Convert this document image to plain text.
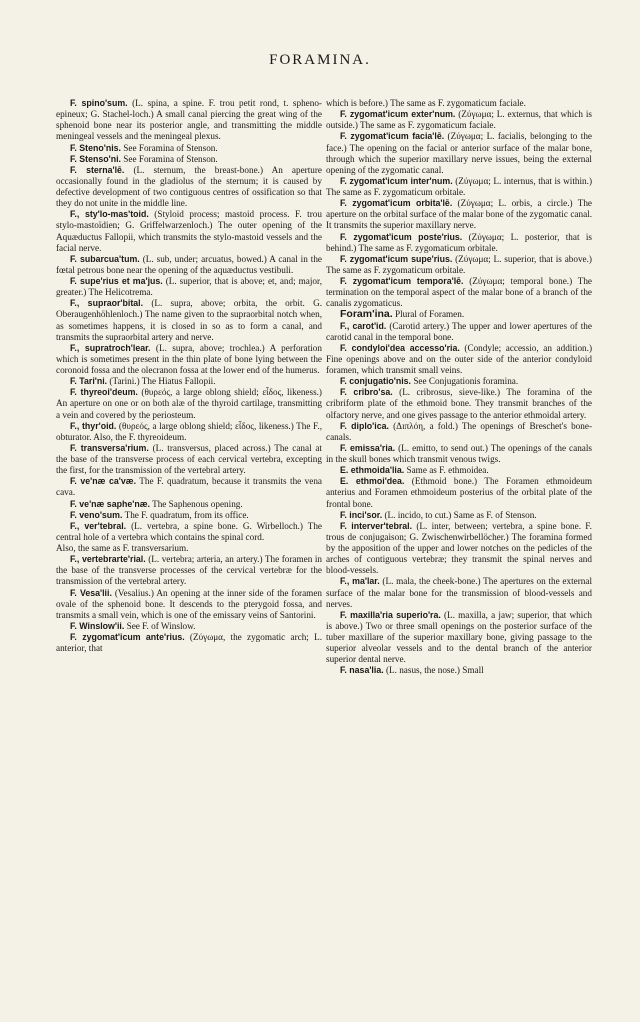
FORAMINA.

F. spino'sum. (L. spina, a spine. F. trou petit rond, t. spheno-epineux; G. Stachel-loch.) A small canal piercing the great wing of the sphenoid bone near its posterior angle, and transmitting the middle meningeal vessels and the meningeal plexus.

F. Steno'nis. See Foramina of Stenson.

F. Stenso'ni. See Foramina of Stenson.

F. sterna'lē. (L. sternum, the breast-bone.) An aperture occasionally found in the gladiolus of the sternum; it is caused by defective development of two contiguous centres of ossification so that they do not unite in the middle line.

F., sty'lo-mas'toid. (Styloid process; mastoid process. F. trou stylo-mastoïdien; G. Griffelwarzenloch.) The outer opening of the Aquæductus Fallopii, which transmits the stylo-mastoid vessels and the facial nerve.

F. subarcua'tum. (L. sub, under; arcuatus, bowed.) A canal in the fœtal petrous bone near the opening of the aquæductus vestibuli.

F. supe'rius et ma'jus. (L. superior, that is above; et, and; major, greater.) The Helicotrema.

F., supraor'bital. (L. supra, above; orbita, the orbit. G. Oberaugenhöhlenloch.) The name given to the supraorbital notch when, as sometimes happens, it is closed in so as to form a canal, and transmits the supraorbital artery and nerve.

F., supratroch'lear. (L. supra, above; trochlea.) A perforation which is sometimes present in the thin plate of bone lying between the coronoid fossa and the olecranon fossa at the lower end of the humerus.

F. Tari'ni. (Tarini.) The Hiatus Fallopii.

F. thyreoi'deum. (θυρεός, a large oblong shield; εἶδος, likeness.) An aperture on one or on both alæ of the thyroid cartilage, transmitting a vein and covered by the periosteum.

F., thyr'oid. (θυρεός, a large oblong shield; εἶδος, likeness.) The F., obturator. Also, the F. thyreoideum.

F. transversa'rium. (L. transversus, placed across.) The canal at the base of the transverse process of each cervical vertebra, excepting the first, for the transmission of the vertebral artery.

F. ve'næ ca'væ. The F. quadratum, because it transmits the vena cava.

F. ve'næ saphe'næ. The Saphenous opening.

F. veno'sum. The F. quadratum, from its office.

F., ver'tebral. (L. vertebra, a spine bone. G. Wirbelloch.) The central hole of a vertebra which contains the spinal cord.

Also, the same as F. transversarium.

F., vertebrarte'rial. (L. vertebra; arteria, an artery.) The foramen in the base of the transverse processes of the cervical vertebræ for the transmission of the vertebral artery.

F. Vesa'lii. (Vesalius.) An opening at the inner side of the foramen ovale of the sphenoid bone. It descends to the pterygoid fossa, and transmits a small vein, which is one of the emissary veins of Santorini.

F. Winslow'ii. See F. of Winslow.

F. zygomat'icum ante'rius. (Ζύγωμα, the zygomatic arch; L. anterior, that

which is before.) The same as F. zygomaticum faciale.

F. zygomat'icum exter'num. (Ζύγωμα; L. externus, that which is outside.) The same as F. zygomaticum faciale.

F. zygomat'icum facia'lē. (Ζύγωμα; L. facialis, belonging to the face.) The opening on the facial or anterior surface of the malar bone, through which the superior maxillary nerve issues, being the external opening of the zygomatic canal.

F. zygomat'icum inter'num. (Ζύγωμα; L. internus, that is within.) The same as F. zygomaticum orbitale.

F. zygomat'icum orbita'lē. (Ζύγωμα; L. orbis, a circle.) The aperture on the orbital surface of the malar bone of the zygomatic canal. It transmits the superior maxillary nerve.

F. zygomat'icum poste'rius. (Ζύγωμα; L. posterior, that is behind.) The same as F. zygomaticum orbitale.

F. zygomat'icum supe'rius. (Ζύγωμα; L. superior, that is above.) The same as F. zygomaticum orbitale.

F. zygomat'icum tempora'lē. (Ζύγωμα; temporal bone.) The termination on the temporal aspect of the malar bone of a branch of the canalis zygomaticus.

Foram'ina. Plural of Foramen.

F., carot'id. (Carotid artery.) The upper and lower apertures of the carotid canal in the temporal bone.

F. condyloi'dea accesso'ria. (Condyle; accessio, an addition.) Fine openings above and on the outer side of the anterior condyloid foramen, which transmit small veins.

F. conjugatio'nis. See Conjugationis foramina.

F. cribro'sa. (L. cribrosus, sieve-like.) The foramina of the cribriform plate of the ethmoid bone. They transmit branches of the olfactory nerve, and one gives passage to the anterior ethmoidal artery.

F. diplo'ica. (Διπλόη, a fold.) The openings of Breschet's bone-canals.

F. emissa'ria. (L. emitto, to send out.) The openings of the canals in the skull bones which transmit venous twigs.

E. ethmoida'lia. Same as F. ethmoidea.

E. ethmoi'dea. (Ethmoid bone.) The Foramen ethmoideum anterius and Foramen ethmoideum posterius of the orbital plate of the frontal bone.

F. inci'sor. (L. incido, to cut.) Same as F. of Stenson.

F. interver'tebral. (L. inter, between; vertebra, a spine bone. F. trous de conjugaison; G. Zwischenwirbellöcher.) The foramina formed by the apposition of the upper and lower notches on the pedicles of the arches of contiguous vertebræ; they transmit the spinal nerves and blood-vessels.

F., ma'lar. (L. mala, the cheek-bone.) The apertures on the external surface of the malar bone for the transmission of blood-vessels and nerves.

F. maxilla'ria superio'ra. (L. maxilla, a jaw; superior, that which is above.) Two or three small openings on the posterior surface of the tuber maxillare of the superior maxillary bone, giving passage to the superior alveolar vessels and to the dental branch of the anterior superior dental nerve.

F. nasa'lia. (L. nasus, the nose.) Small
